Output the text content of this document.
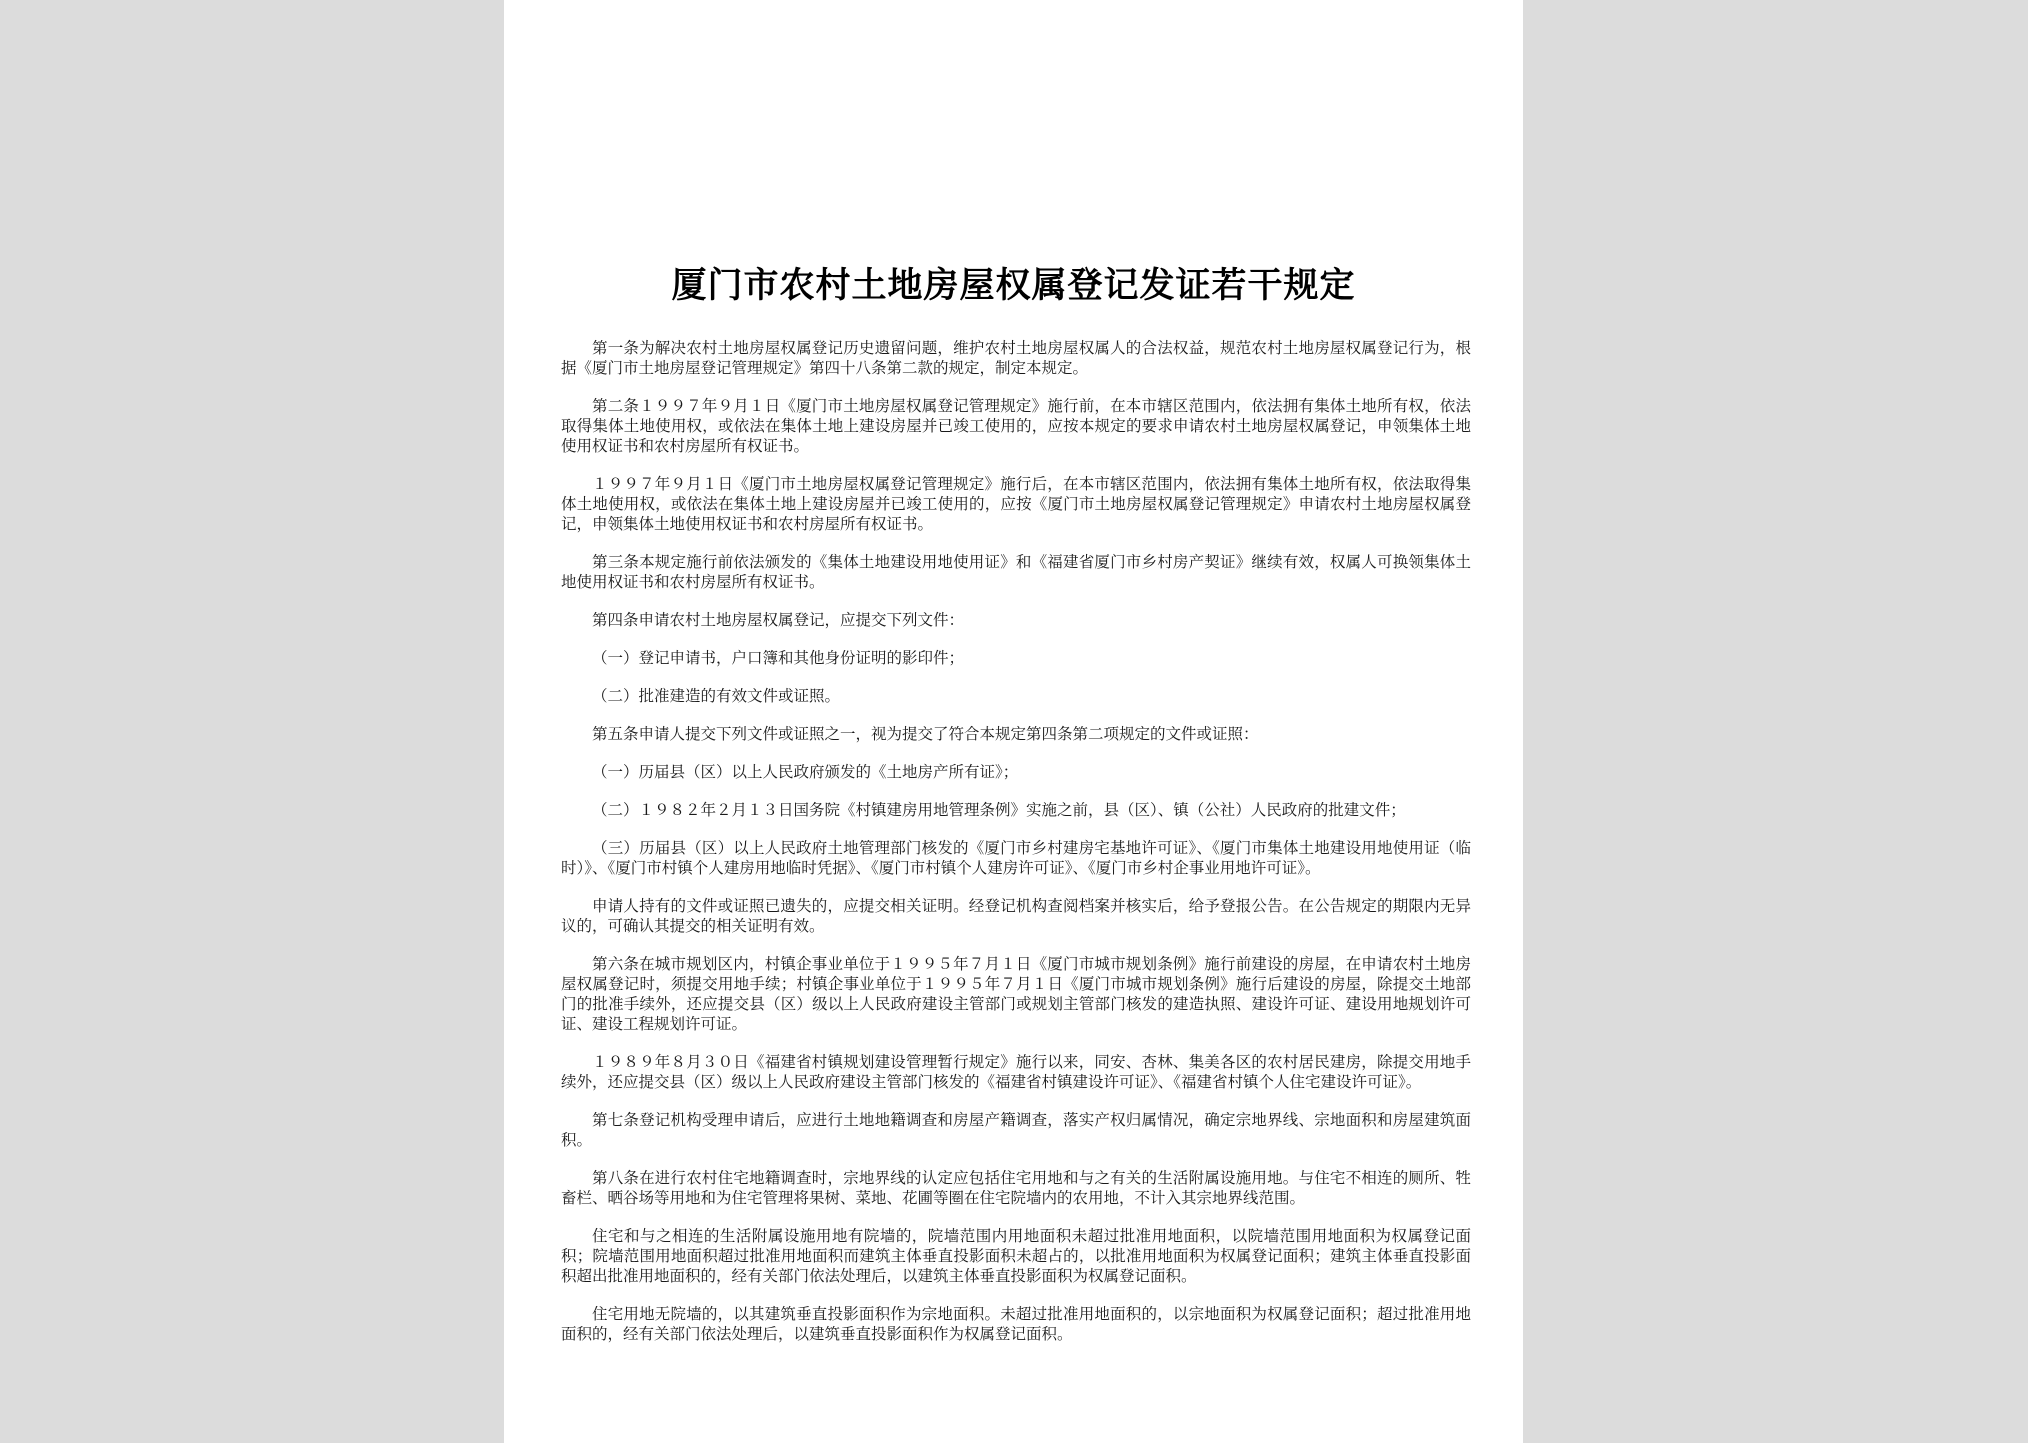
厦门市农村土地房屋权属登记发证若干规定

第一条为解决农村土地房屋权属登记历史遗留问题，维护农村土地房屋权属人的合法权益，规范农村土地房屋权属登记行为，根据《厦门市土地房屋登记管理规定》第四十八条第二款的规定，制定本规定。

第二条１９９７年９月１日《厦门市土地房屋权属登记管理规定》施行前，在本市辖区范围内，依法拥有集体土地所有权，依法取得集体土地使用权，或依法在集体土地上建设房屋并已竣工使用的，应按本规定的要求申请农村土地房屋权属登记，申领集体土地使用权证书和农村房屋所有权证书。

１９９７年９月１日《厦门市土地房屋权属登记管理规定》施行后，在本市辖区范围内，依法拥有集体土地所有权，依法取得集体土地使用权，或依法在集体土地上建设房屋并已竣工使用的，应按《厦门市土地房屋权属登记管理规定》申请农村土地房屋权属登记，申领集体土地使用权证书和农村房屋所有权证书。

第三条本规定施行前依法颁发的《集体土地建设用地使用证》和《福建省厦门市乡村房产契证》继续有效，权属人可换领集体土地使用权证书和农村房屋所有权证书。

第四条申请农村土地房屋权属登记，应提交下列文件：

（一）登记申请书，户口簿和其他身份证明的影印件；

（二）批准建造的有效文件或证照。

第五条申请人提交下列文件或证照之一，视为提交了符合本规定第四条第二项规定的文件或证照：

（一）历届县（区）以上人民政府颁发的《土地房产所有证》；

（二）１９８２年２月１３日国务院《村镇建房用地管理条例》实施之前，县（区）、镇（公社）人民政府的批建文件；

（三）历届县（区）以上人民政府土地管理部门核发的《厦门市乡村建房宅基地许可证》、《厦门市集体土地建设用地使用证（临时）》、《厦门市村镇个人建房用地临时凭据》、《厦门市村镇个人建房许可证》、《厦门市乡村企事业用地许可证》。

申请人持有的文件或证照已遗失的，应提交相关证明。经登记机构查阅档案并核实后，给予登报公告。在公告规定的期限内无异议的，可确认其提交的相关证明有效。

第六条在城市规划区内，村镇企事业单位于１９９５年７月１日《厦门市城市规划条例》施行前建设的房屋，在申请农村土地房屋权属登记时，须提交用地手续；村镇企事业单位于１９９５年７月１日《厦门市城市规划条例》施行后建设的房屋，除提交土地部门的批准手续外，还应提交县（区）级以上人民政府建设主管部门或规划主管部门核发的建造执照、建设许可证、建设用地规划许可证、建设工程规划许可证。

１９８９年８月３０日《福建省村镇规划建设管理暂行规定》施行以来，同安、杏林、集美各区的农村居民建房，除提交用地手续外，还应提交县（区）级以上人民政府建设主管部门核发的《福建省村镇建设许可证》、《福建省村镇个人住宅建设许可证》。

第七条登记机构受理申请后，应进行土地地籍调查和房屋产籍调查，落实产权归属情况，确定宗地界线、宗地面积和房屋建筑面积。

第八条在进行农村住宅地籍调查时，宗地界线的认定应包括住宅用地和与之有关的生活附属设施用地。与住宅不相连的厕所、牲畜栏、晒谷场等用地和为住宅管理将果树、菜地、花圃等圈在住宅院墙内的农用地，不计入其宗地界线范围。

住宅和与之相连的生活附属设施用地有院墙的，院墙范围内用地面积未超过批准用地面积，以院墙范围用地面积为权属登记面积；院墙范围用地面积超过批准用地面积而建筑主体垂直投影面积未超占的，以批准用地面积为权属登记面积；建筑主体垂直投影面积超出批准用地面积的，经有关部门依法处理后，以建筑主体垂直投影面积为权属登记面积。

住宅用地无院墙的，以其建筑垂直投影面积作为宗地面积。未超过批准用地面积的，以宗地面积为权属登记面积；超过批准用地面积的，经有关部门依法处理后，以建筑垂直投影面积作为权属登记面积。
